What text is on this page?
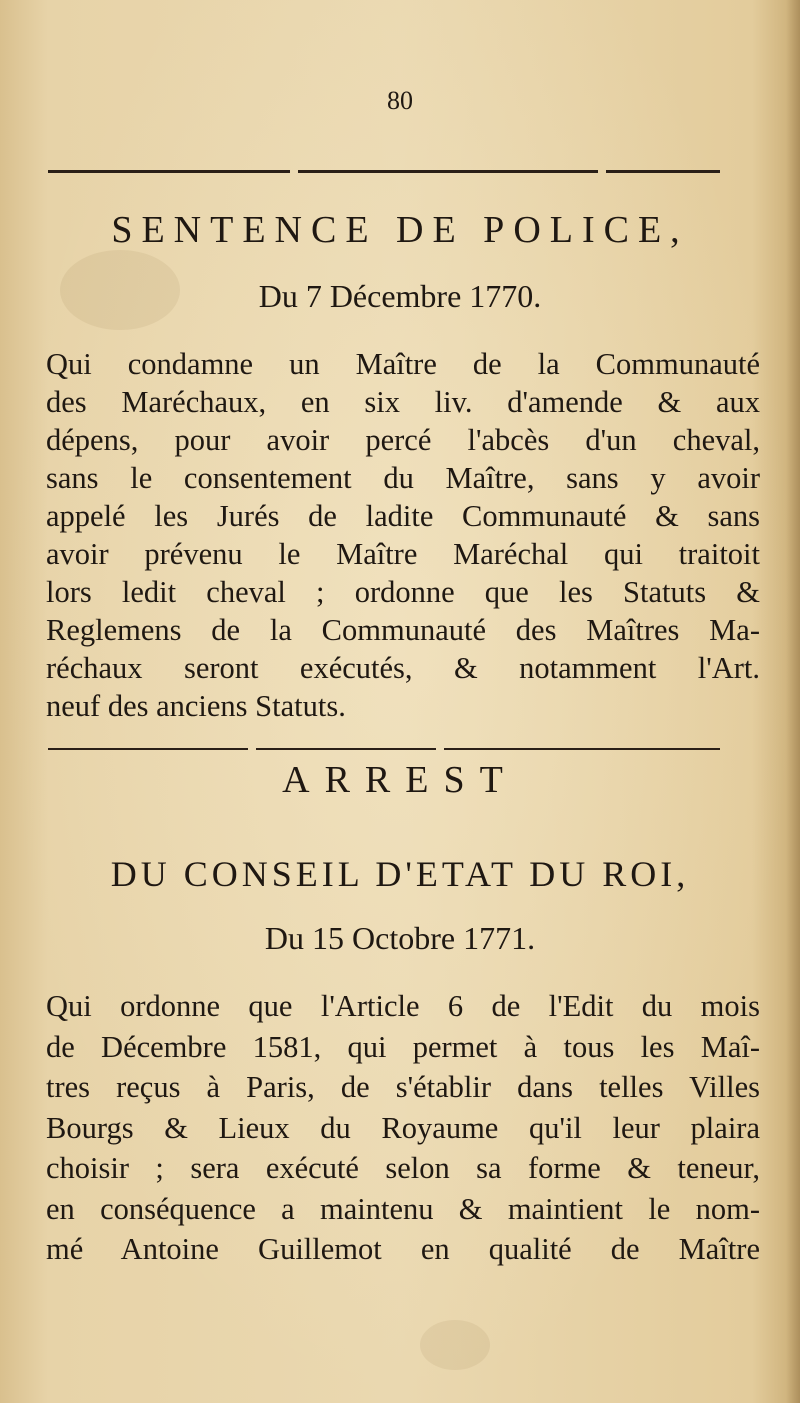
80
SENTENCE DE POLICE,
Du 7 Décembre 1770.
Qui condamne un Maître de la Communauté
des Maréchaux, en six liv. d'amende & aux
dépens, pour avoir percé l'abcès d'un cheval,
sans le consentement du Maître, sans y avoir
appelé les Jurés de ladite Communauté & sans
avoir prévenu le Maître Maréchal qui traitoit
lors ledit cheval ; ordonne que les Statuts &
Reglemens de la Communauté des Maîtres Ma-
réchaux seront exécutés, & notamment l'Art.
neuf des anciens Statuts.
ARREST
DU CONSEIL D'ETAT DU ROI,
Du 15 Octobre 1771.
Qui ordonne que l'Article 6 de l'Edit du mois
de Décembre 1581, qui permet à tous les Maî-
tres reçus à Paris, de s'établir dans telles Villes
Bourgs & Lieux du Royaume qu'il leur plaira
choisir ; sera exécuté selon sa forme & teneur,
en conséquence a maintenu & maintient le nom-
mé Antoine Guillemot en qualité de Maître
